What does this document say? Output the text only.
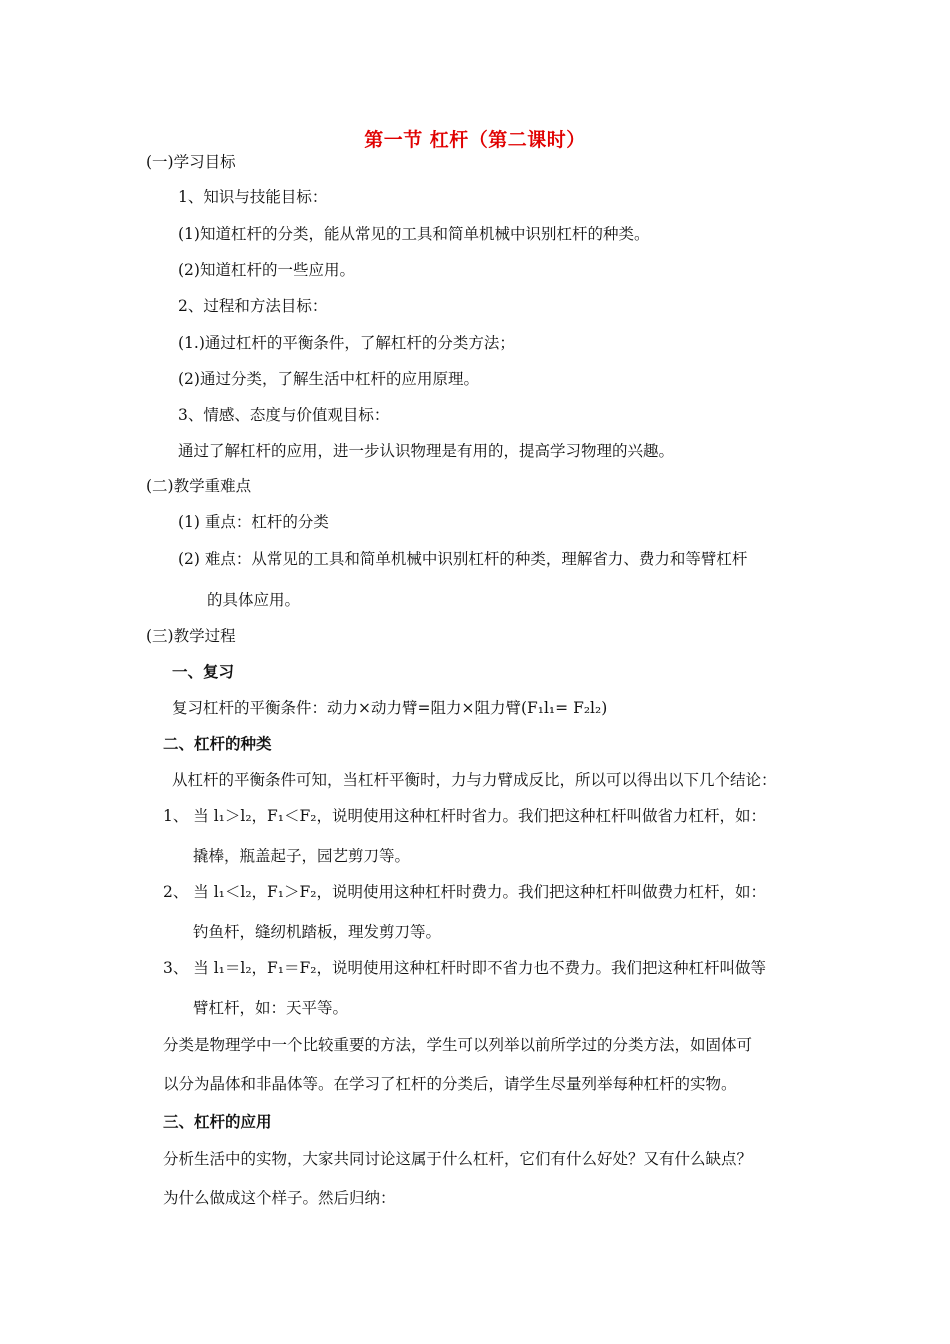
第一节 杠杆（第二课时）
(一)学习目标
1、知识与技能目标：
(1)知道杠杆的分类，能从常见的工具和简单机械中识别杠杆的种类。
(2)知道杠杆的一些应用。
2、过程和方法目标：
(1.)通过杠杆的平衡条件，了解杠杆的分类方法；
(2)通过分类，了解生活中杠杆的应用原理。
3、情感、态度与价值观目标：
通过了解杠杆的应用，进一步认识物理是有用的，提高学习物理的兴趣。
(二)教学重难点
(1) 重点：杠杆的分类
(2) 难点：从常见的工具和简单机械中识别杠杆的种类，理解省力、费力和等臂杠杆
的具体应用。
(三)教学过程
一、复习
复习杠杆的平衡条件：动力×动力臂=阻力×阻力臂(F₁l₁= F₂l₂)
二、杠杆的种类
从杠杆的平衡条件可知，当杠杆平衡时，力与力臂成反比，所以可以得出以下几个结论：
1、 当 l₁＞l₂，F₁＜F₂，说明使用这种杠杆时省力。我们把这种杠杆叫做省力杠杆，如：
撬棒，瓶盖起子，园艺剪刀等。
2、 当 l₁＜l₂，F₁＞F₂，说明使用这种杠杆时费力。我们把这种杠杆叫做费力杠杆，如：
钓鱼杆，缝纫机踏板，理发剪刀等。
3、 当 l₁＝l₂，F₁＝F₂，说明使用这种杠杆时即不省力也不费力。我们把这种杠杆叫做等
臂杠杆，如：天平等。
分类是物理学中一个比较重要的方法，学生可以列举以前所学过的分类方法，如固体可
以分为晶体和非晶体等。在学习了杠杆的分类后，请学生尽量列举每种杠杆的实物。
三、杠杆的应用
分析生活中的实物，大家共同讨论这属于什么杠杆，它们有什么好处？又有什么缺点？
为什么做成这个样子。然后归纳：
